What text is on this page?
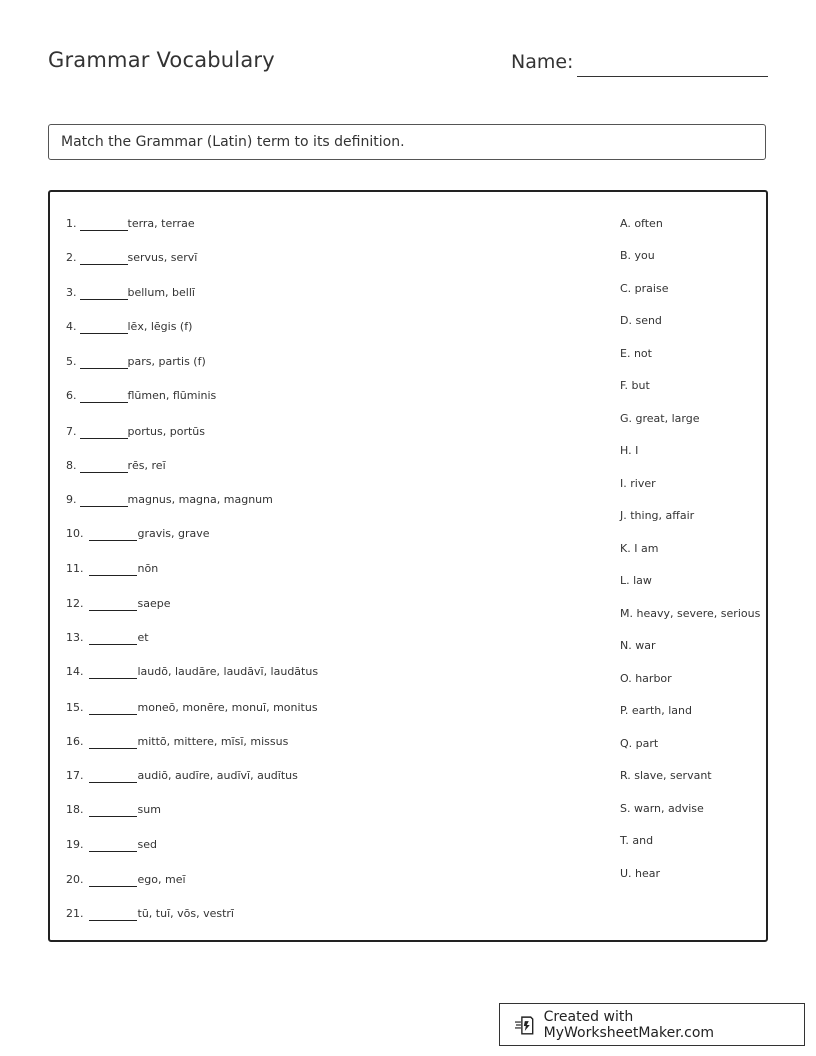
Grammar Vocabulary	Name:
Match the Grammar (Latin) term to its definition.
1.	terra, terrae
2.	servus, servī
3.	bellum, bellī
4.	lēx, lēgis (f)
5.	pars, partis (f)
6.	flūmen, flūminis
7.	portus, portūs
8.	rēs, reī
9.	magnus, magna, magnum
10.	gravis, grave
11.	nōn
12.	saepe
13.	et
14.	laudō, laudāre, laudāvī, laudātus
15.	moneō, monēre, monuī, monitus
16.	mittō, mittere, mīsī, missus
17.	audiō, audīre, audīvī, audītus
18.	sum
19.	sed
20.	ego, meī
21.	tū, tuī, vōs, vestrī
A. often
B. you
C. praise
D. send
E. not
F. but
G. great, large
H. I
I. river
J. thing, affair
K. I am
L. law
M. heavy, severe, serious
N. war
O. harbor
P. earth, land
Q. part
R. slave, servant
S. warn, advise
T. and
U. hear
Created with MyWorksheetMaker.com
